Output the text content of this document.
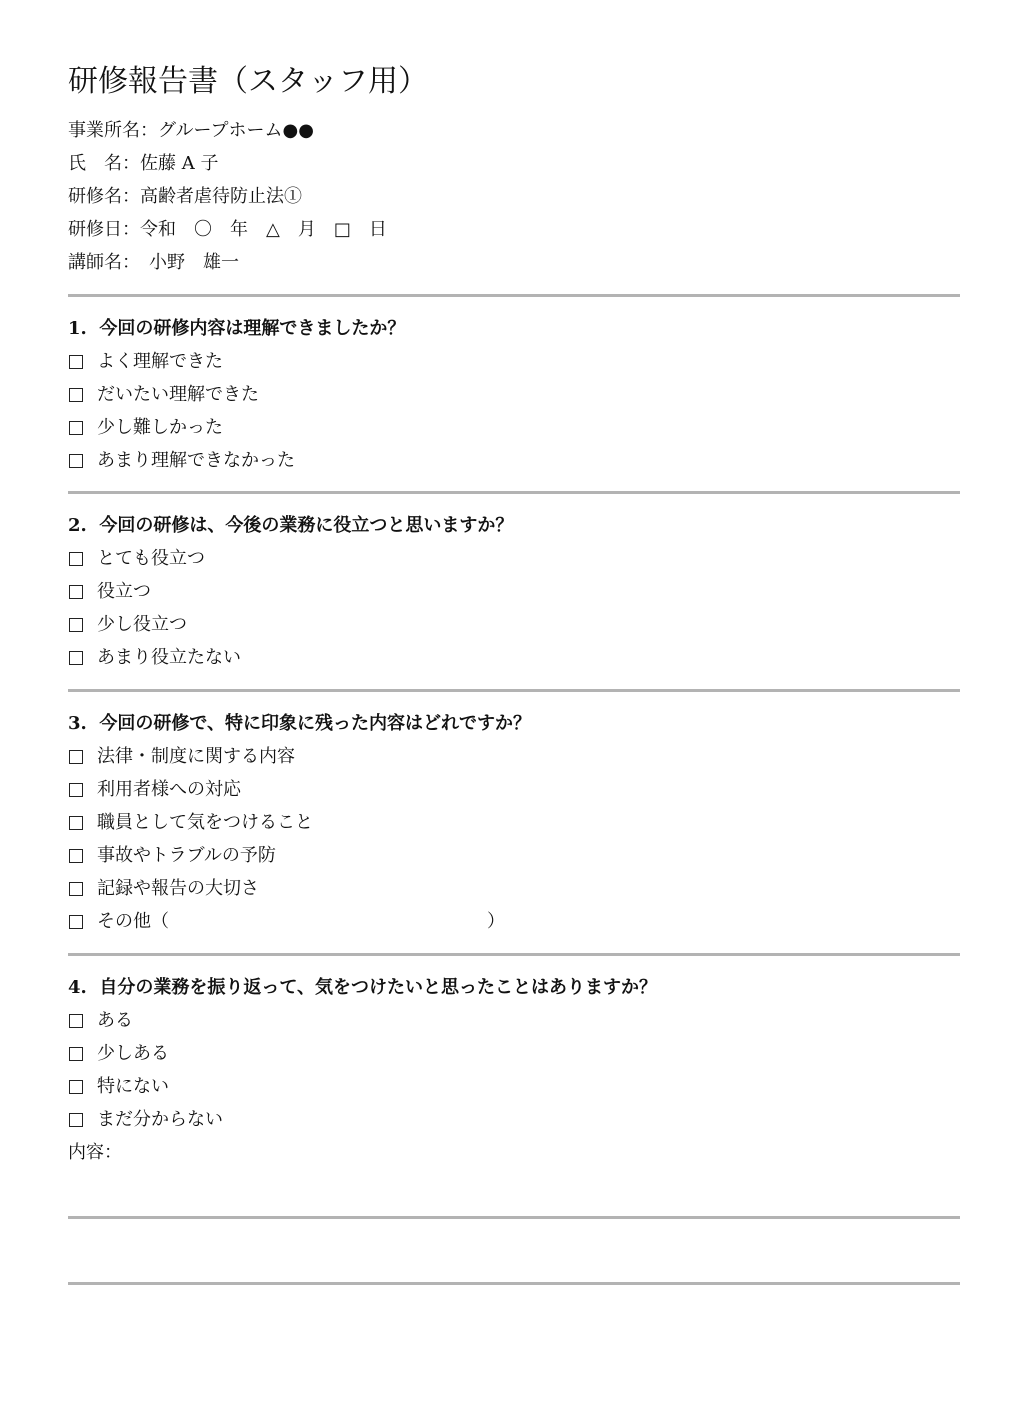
研修報告書（スタッフ用）
事業所名：グループホーム●●
氏　名：佐藤 A 子
研修名：高齢者虐待防止法①
研修日：令和　〇　年　△　月　□　日
講師名：　小野　雄一
1.  今回の研修内容は理解できましたか？
よく理解できた
だいたい理解できた
少し難しかった
あまり理解できなかった
2.  今回の研修は、今後の業務に役立つと思いますか？
とても役立つ
役立つ
少し役立つ
あまり役立たない
3.  今回の研修で、特に印象に残った内容はどれですか？
法律・制度に関する内容
利用者様への対応
職員として気をつけること
事故やトラブルの予防
記録や報告の大切さ
その他（	）
4.  自分の業務を振り返って、気をつけたいと思ったことはありますか？
ある
少しある
特にない
まだ分からない
内容：
